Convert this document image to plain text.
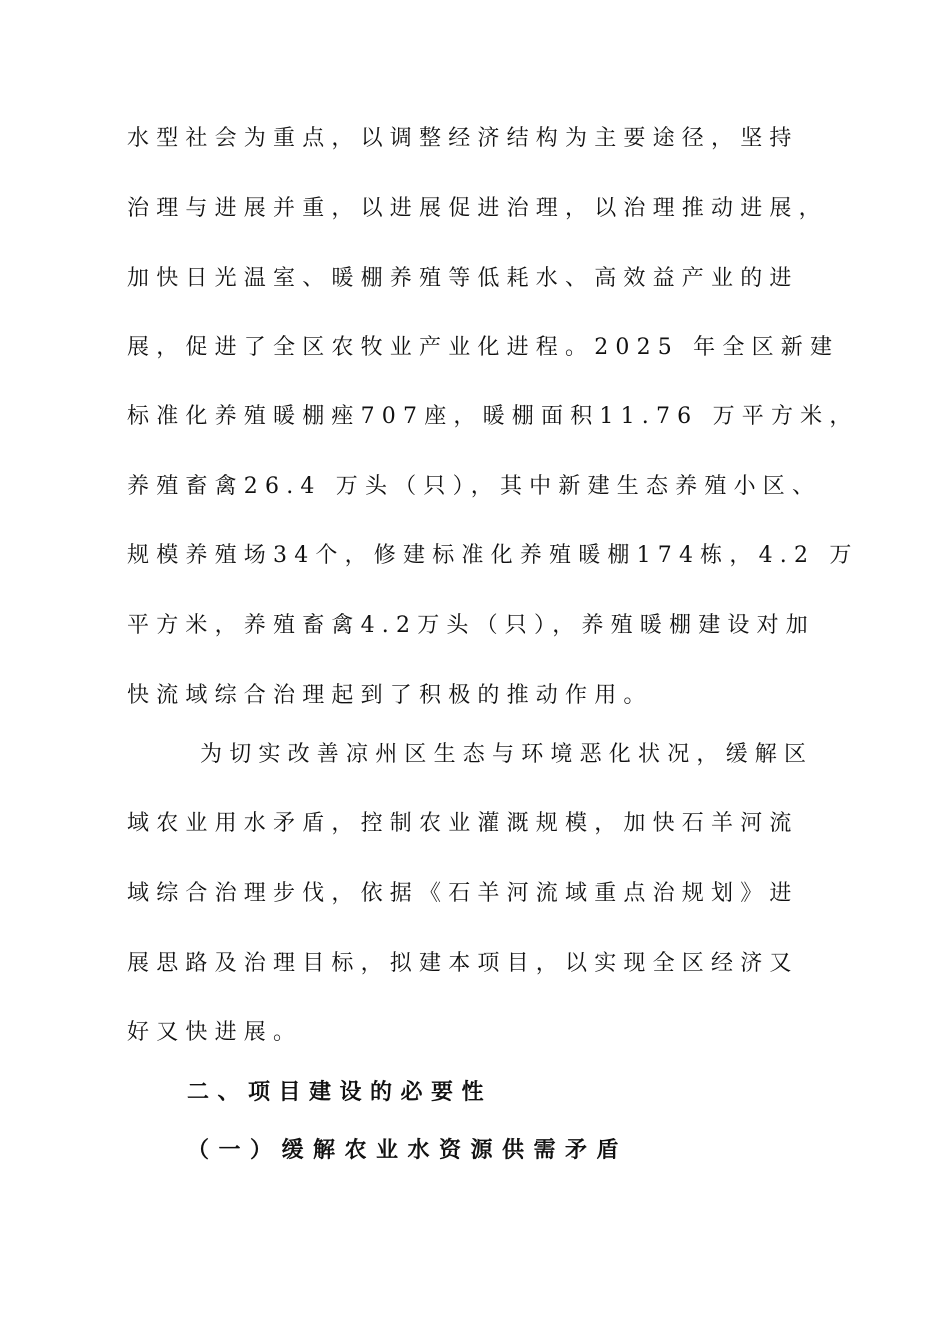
水型社会为重点，以调整经济结构为主要途径，坚持
治理与进展并重，以进展促进治理，以治理推动进展，
加快日光温室、暖棚养殖等低耗水、高效益产业的进
展，促进了全区农牧业产业化进程。2025 年全区新建
标准化养殖暖棚痤707座，暖棚面积11.76 万平方米，
养殖畜禽26.4 万头（只），其中新建生态养殖小区、
规模养殖场34个，修建标准化养殖暖棚174栋，4.2 万
平方米，养殖畜禽4.2万头（只），养殖暖棚建设对加
快流域综合治理起到了积极的推动作用。
为切实改善凉州区生态与环境恶化状况，缓解区
域农业用水矛盾，控制农业灌溉规模，加快石羊河流
域综合治理步伐，依据《石羊河流域重点治规划》进
展思路及治理目标，拟建本项目，以实现全区经济又
好又快进展。
二、项目建设的必要性
（一）缓解农业水资源供需矛盾
